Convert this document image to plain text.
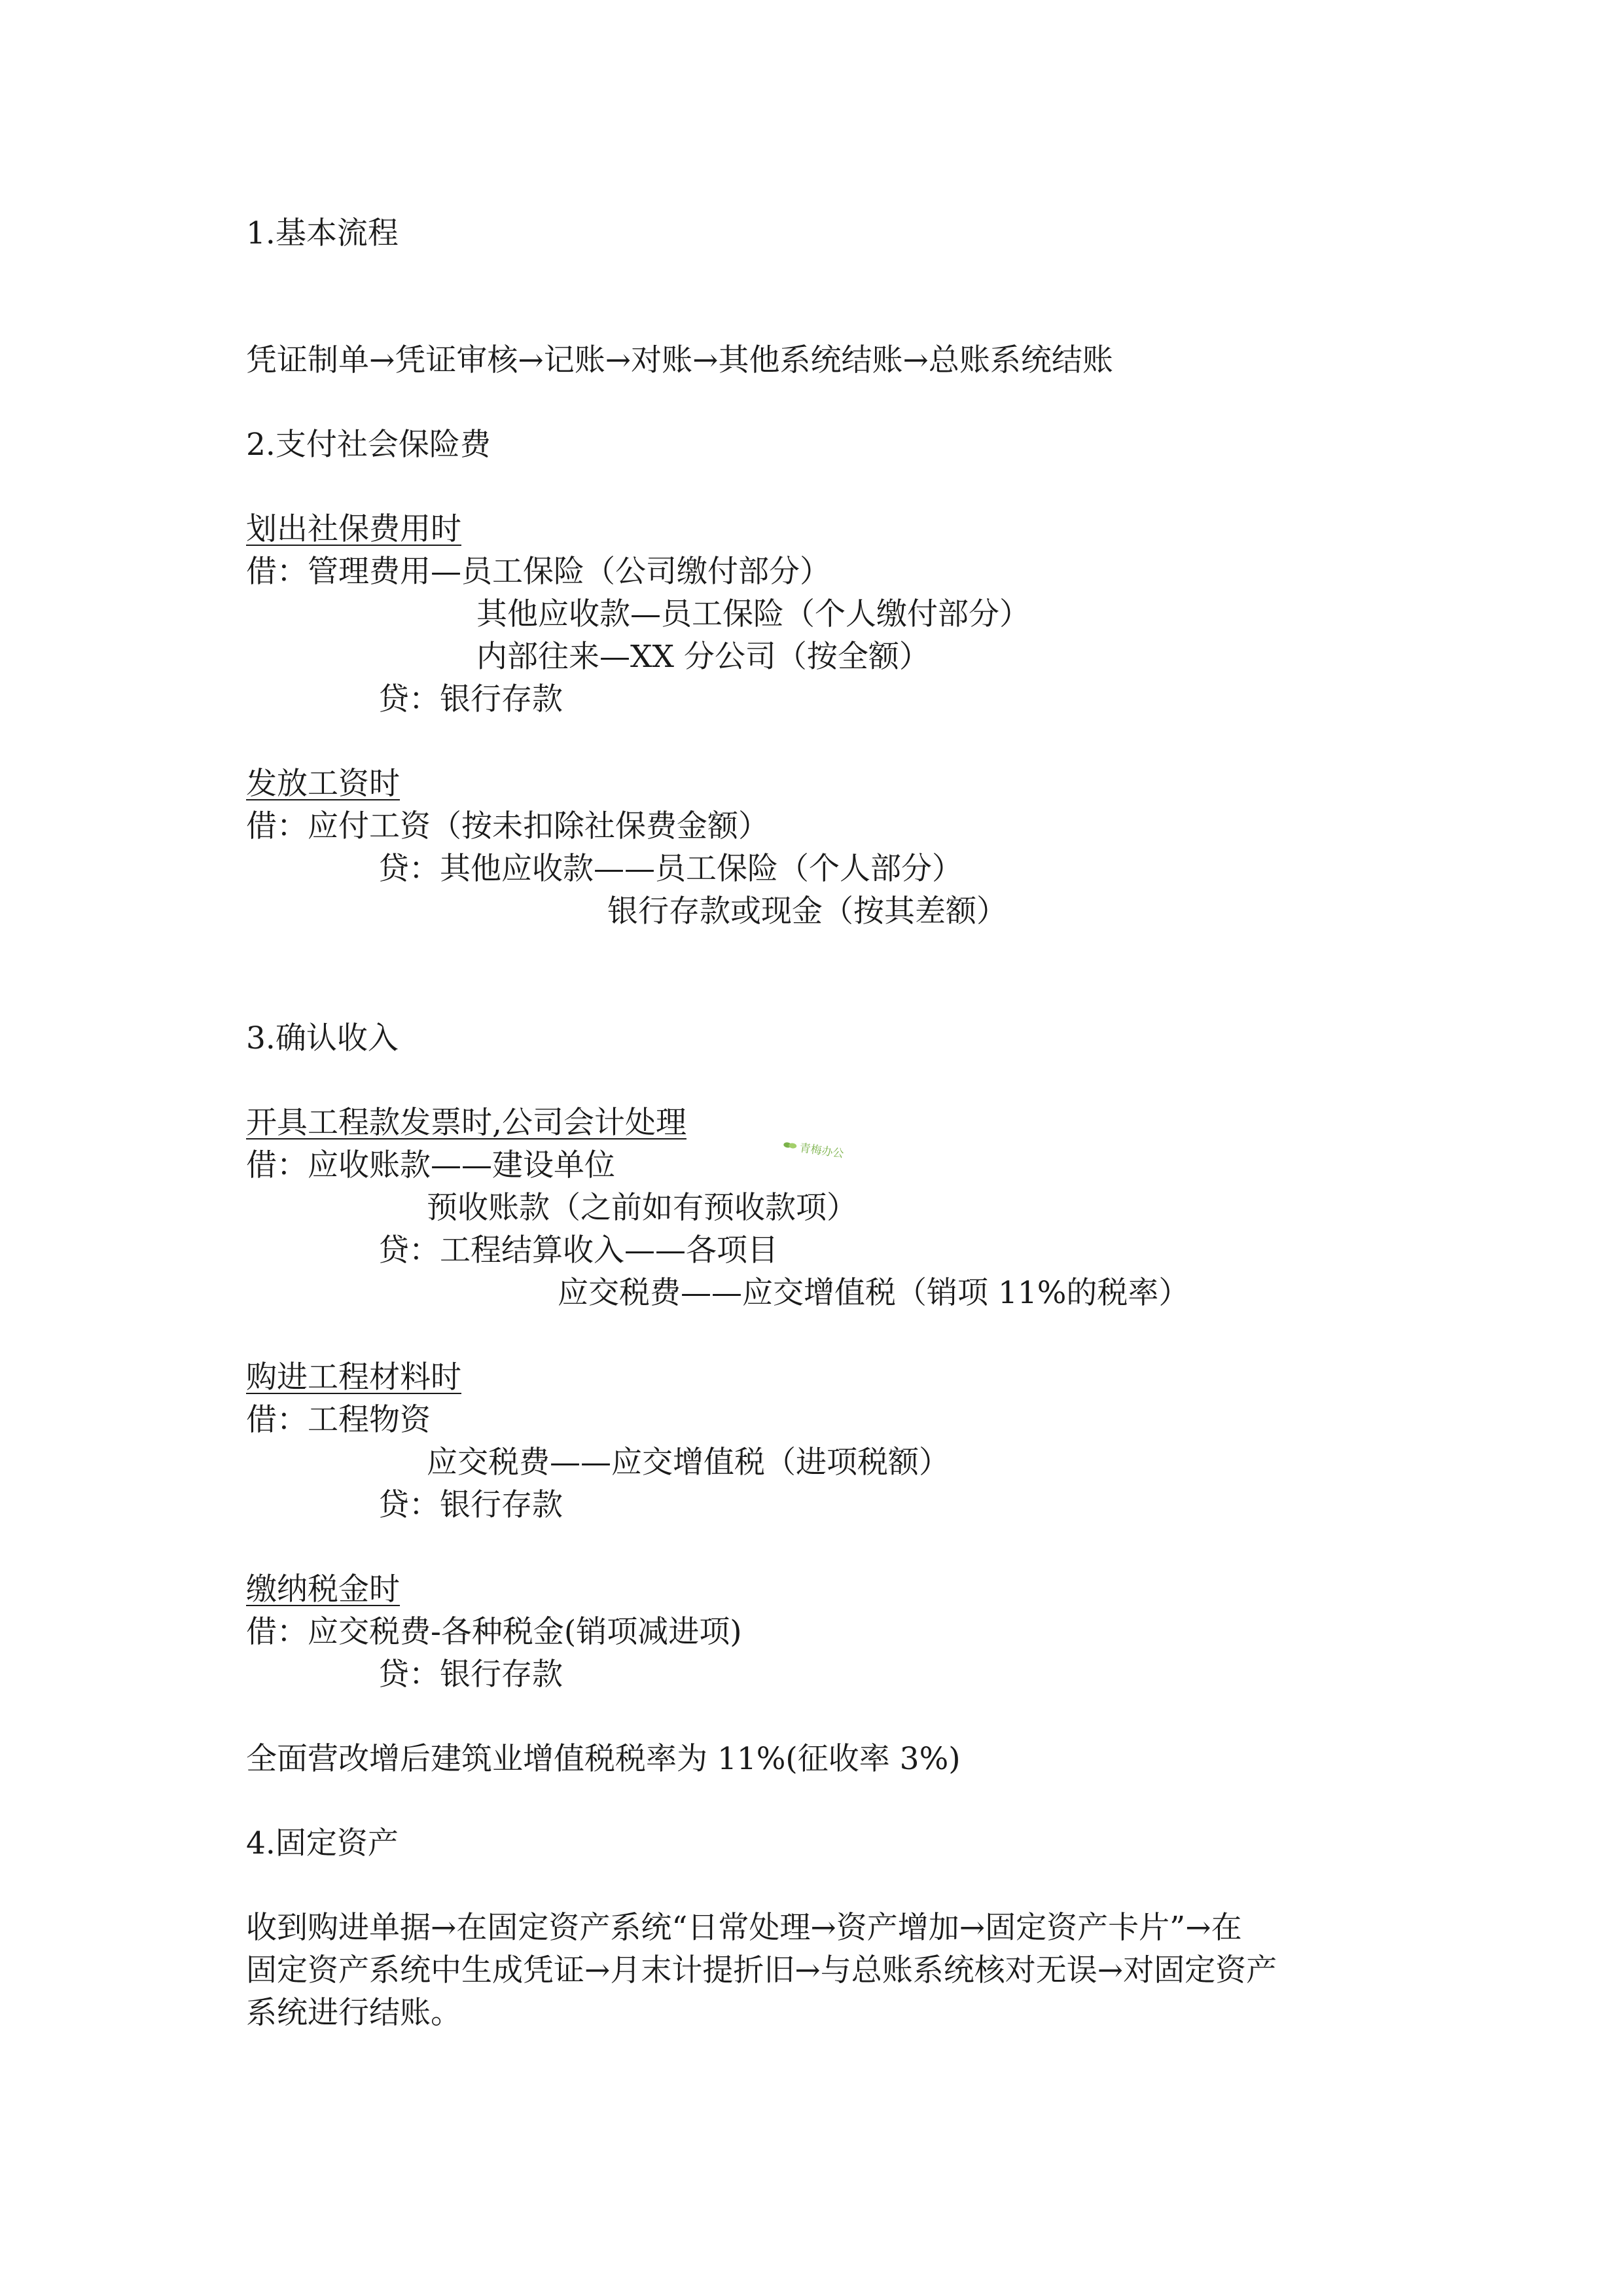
1.基本流程
凭证制单→凭证审核→记账→对账→其他系统结账→总账系统结账
2.支付社会保险费
划出社保费用时
借：管理费用—员工保险（公司缴付部分）
其他应收款—员工保险（个人缴付部分）
内部往来—XX 分公司（按全额）
贷：银行存款
发放工资时
借：应付工资（按未扣除社保费金额）
贷：其他应收款——员工保险（个人部分）
银行存款或现金（按其差额）
3.确认收入
开具工程款发票时,公司会计处理
借：应收账款——建设单位
预收账款（之前如有预收款项）
贷：工程结算收入——各项目
应交税费——应交增值税（销项 11%的税率）
购进工程材料时
借：工程物资
应交税费——应交增值税（进项税额）
贷：银行存款
缴纳税金时
借：应交税费-各种税金(销项减进项)
贷：银行存款
全面营改增后建筑业增值税税率为 11%(征收率 3%)
4.固定资产
收到购进单据→在固定资产系统“日常处理→资产增加→固定资产卡片”→在
固定资产系统中生成凭证→月末计提折旧→与总账系统核对无误→对固定资产
系统进行结账。
青梅办公
